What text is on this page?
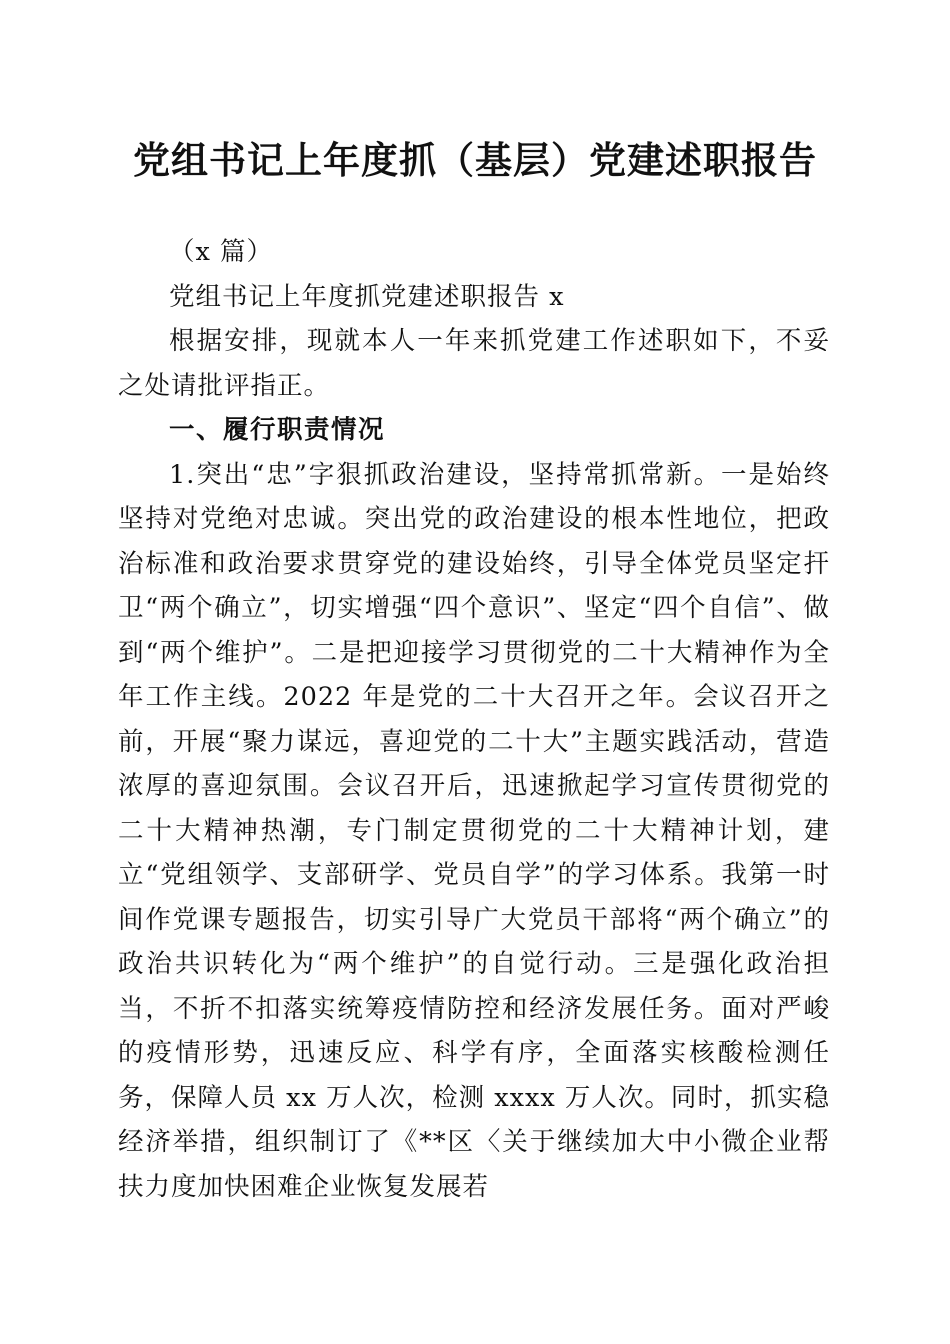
党组书记上年度抓（基层）党建述职报告

（x 篇）

党组书记上年度抓党建述职报告 x

根据安排，现就本人一年来抓党建工作述职如下，不妥之处请批评指正。

一、履行职责情况

1.突出“忠”字狠抓政治建设，坚持常抓常新。一是始终坚持对党绝对忠诚。突出党的政治建设的根本性地位，把政治标准和政治要求贯穿党的建设始终，引导全体党员坚定扞卫“两个确立”，切实增强“四个意识”、坚定“四个自信”、做到“两个维护”。二是把迎接学习贯彻党的二十大精神作为全年工作主线。2022 年是党的二十大召开之年。会议召开之前，开展“聚力谋远，喜迎党的二十大”主题实践活动，营造浓厚的喜迎氛围。会议召开后，迅速掀起学习宣传贯彻党的二十大精神热潮，专门制定贯彻党的二十大精神计划，建立“党组领学、支部研学、党员自学”的学习体系。我第一时间作党课专题报告，切实引导广大党员干部将“两个确立”的政治共识转化为“两个维护”的自觉行动。三是强化政治担当，不折不扣落实统筹疫情防控和经济发展任务。面对严峻的疫情形势，迅速反应、科学有序，全面落实核酸检测任务，保障人员 xx 万人次，检测 xxxx 万人次。同时，抓实稳经济举措，组织制订了《**区〈关于继续加大中小微企业帮扶力度加快困难企业恢复发展若
